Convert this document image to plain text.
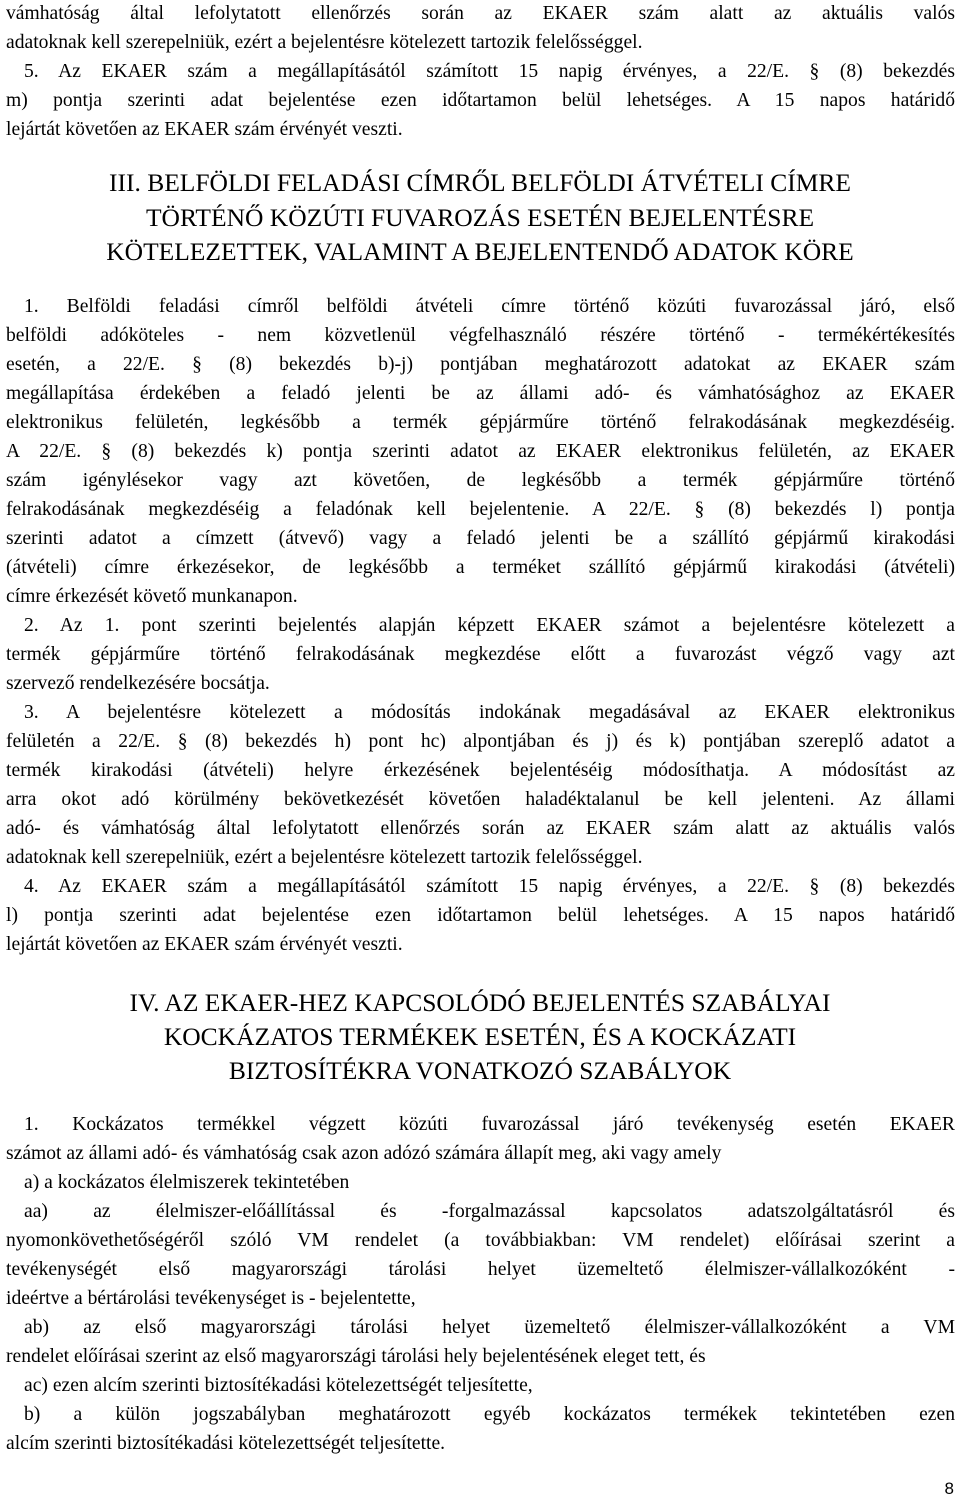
vámhatóság által lefolytatott ellenőrzés során az EKAER szám alatt az aktuális valós
adatoknak kell szerepelniük, ezért a bejelentésre kötelezett tartozik felelősséggel.
5. Az EKAER szám a megállapításától számított 15 napig érvényes, a 22/E. § (8) bekezdés
m) pontja szerinti adat bejelentése ezen időtartamon belül lehetséges. A 15 napos határidő
lejártát követően az EKAER szám érvényét veszti.
III. BELFÖLDI FELADÁSI CÍMRŐL BELFÖLDI ÁTVÉTELI CÍMRE
TÖRTÉNŐ KÖZÚTI FUVAROZÁS ESETÉN BEJELENTÉSRE
KÖTELEZETTEK, VALAMINT A BEJELENTENDŐ ADATOK KÖRE
1. Belföldi feladási címről belföldi átvételi címre történő közúti fuvarozással járó, első
belföldi adóköteles - nem közvetlenül végfelhasználó részére történő - termékértékesítés
esetén, a 22/E. § (8) bekezdés b)-j) pontjában meghatározott adatokat az EKAER szám
megállapítása érdekében a feladó jelenti be az állami adó- és vámhatósághoz az EKAER
elektronikus felületén, legkésőbb a termék gépjárműre történő felrakodásának megkezdéséig.
A 22/E. § (8) bekezdés k) pontja szerinti adatot az EKAER elektronikus felületén, az EKAER
szám igénylésekor vagy azt követően, de legkésőbb a termék gépjárműre történő
felrakodásának megkezdéséig a feladónak kell bejelentenie. A 22/E. § (8) bekezdés l) pontja
szerinti adatot a címzett (átvevő) vagy a feladó jelenti be a szállító gépjármű kirakodási
(átvételi) címre érkezésekor, de legkésőbb a terméket szállító gépjármű kirakodási (átvételi)
címre érkezését követő munkanapon.
2. Az 1. pont szerinti bejelentés alapján képzett EKAER számot a bejelentésre kötelezett a
termék gépjárműre történő felrakodásának megkezdése előtt a fuvarozást végző vagy azt
szervező rendelkezésére bocsátja.
3. A bejelentésre kötelezett a módosítás indokának megadásával az EKAER elektronikus
felületén a 22/E. § (8) bekezdés h) pont hc) alpontjában és j) és k) pontjában szereplő adatot a
termék kirakodási (átvételi) helyre érkezésének bejelentéséig módosíthatja. A módosítást az
arra okot adó körülmény bekövetkezését követően haladéktalanul be kell jelenteni. Az állami
adó- és vámhatóság által lefolytatott ellenőrzés során az EKAER szám alatt az aktuális valós
adatoknak kell szerepelniük, ezért a bejelentésre kötelezett tartozik felelősséggel.
4. Az EKAER szám a megállapításától számított 15 napig érvényes, a 22/E. § (8) bekezdés
l) pontja szerinti adat bejelentése ezen időtartamon belül lehetséges. A 15 napos határidő
lejártát követően az EKAER szám érvényét veszti.
IV. AZ EKAER-HEZ KAPCSOLÓDÓ BEJELENTÉS SZABÁLYAI
KOCKÁZATOS TERMÉKEK ESETÉN, ÉS A KOCKÁZATI
BIZTOSÍTÉKRA VONATKOZÓ SZABÁLYOK
1. Kockázatos termékkel végzett közúti fuvarozással járó tevékenység esetén EKAER
számot az állami adó- és vámhatóság csak azon adózó számára állapít meg, aki vagy amely
a) a kockázatos élelmiszerek tekintetében
aa) az élelmiszer-előállítással és -forgalmazással kapcsolatos adatszolgáltatásról és
nyomonkövethetőségéről szóló VM rendelet (a továbbiakban: VM rendelet) előírásai szerint a
tevékenységét első magyarországi tárolási helyet üzemeltető élelmiszer-vállalkozóként -
ideértve a bértárolási tevékenységet is - bejelentette,
ab) az első magyarországi tárolási helyet üzemeltető élelmiszer-vállalkozóként a VM
rendelet előírásai szerint az első magyarországi tárolási hely bejelentésének eleget tett, és
ac) ezen alcím szerinti biztosítékadási kötelezettségét teljesítette,
b) a külön jogszabályban meghatározott egyéb kockázatos termékek tekintetében ezen
alcím szerinti biztosítékadási kötelezettségét teljesítette.
8
